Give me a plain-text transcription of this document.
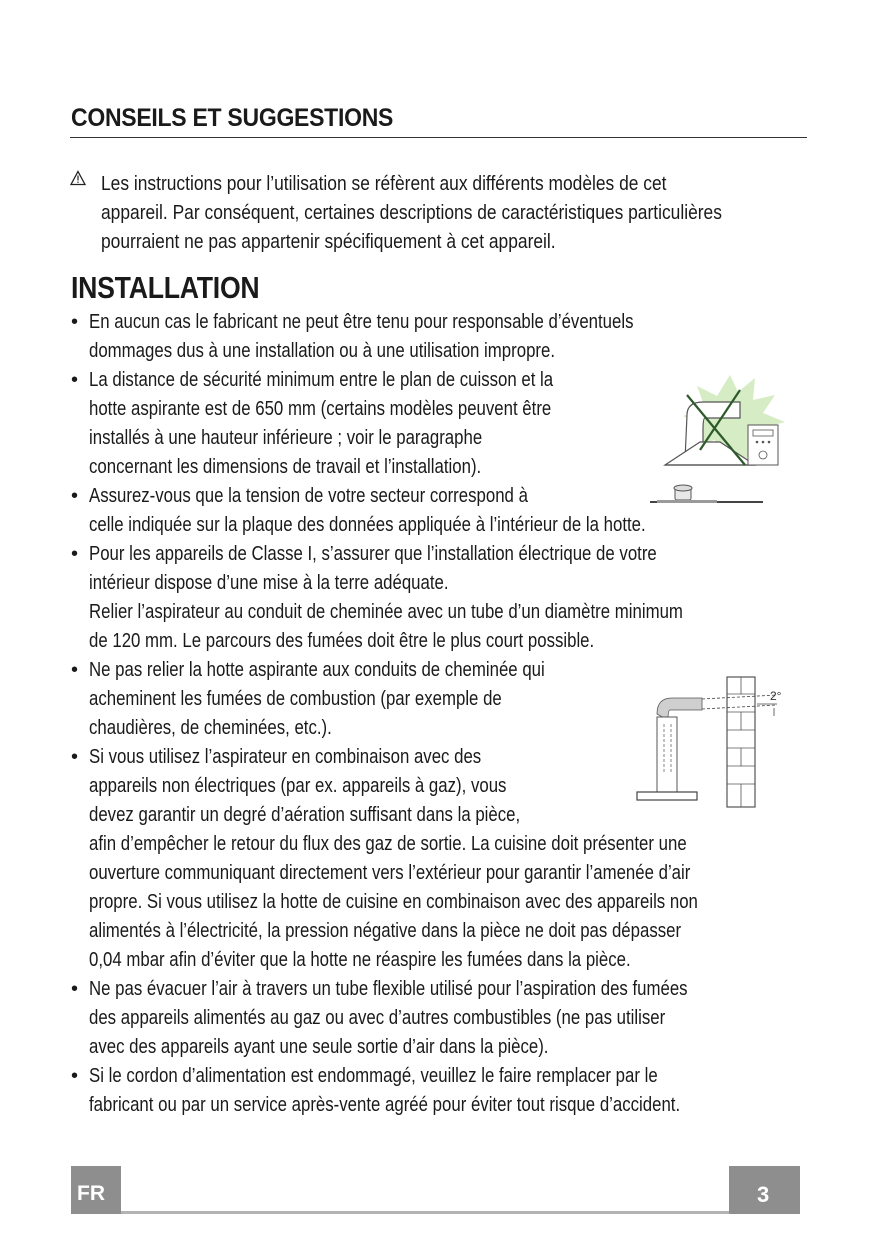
CONSEILS ET SUGGESTIONS

Les instructions pour l’utilisation se réfèrent aux différents modèles de cet
appareil. Par conséquent, certaines descriptions de caractéristiques particulières
pourraient ne pas appartenir spécifiquement à cet appareil.

INSTALLATION
• En aucun cas le fabricant ne peut être tenu pour responsable d’éventuels
dommages dus à une installation ou à une utilisation impropre.
• La distance de sécurité minimum entre le plan de cuisson et la
hotte aspirante est de 650 mm (certains modèles peuvent être
installés à une hauteur inférieure ; voir le paragraphe
concernant les dimensions de travail et l’installation).
• Assurez-vous que la tension de votre secteur correspond à
celle indiquée sur la plaque des données appliquée à l’intérieur de la hotte.
• Pour les appareils de Classe I, s’assurer que l’installation électrique de votre
intérieur dispose d’une mise à la terre adéquate.
Relier l’aspirateur au conduit de cheminée avec un tube d’un diamètre minimum
de 120 mm. Le parcours des fumées doit être le plus court possible.
• Ne pas relier la hotte aspirante aux conduits de cheminée qui
acheminent les fumées de combustion (par exemple de
chaudières, de cheminées, etc.).
• Si vous utilisez l’aspirateur en combinaison avec des
appareils non électriques (par ex. appareils à gaz), vous
devez garantir un degré d’aération suffisant dans la pièce,
afin d’empêcher le retour du flux des gaz de sortie. La cuisine doit présenter une
ouverture communiquant directement vers l’extérieur pour garantir l’amenée d’air
propre. Si vous utilisez la hotte de cuisine en combinaison avec des appareils non
alimentés à l’électricité, la pression négative dans la pièce ne doit pas dépasser
0,04 mbar afin d’éviter que la hotte ne réaspire les fumées dans la pièce.
• Ne pas évacuer l’air à travers un tube flexible utilisé pour l’aspiration des fumées
des appareils alimentés au gaz ou avec d’autres combustibles (ne pas utiliser
avec des appareils ayant une seule sortie d’air dans la pièce).
• Si le cordon d’alimentation est endommagé, veuillez le faire remplacer par le
fabricant ou par un service après-vente agréé pour éviter tout risque d’accident.
2°
FR	3
